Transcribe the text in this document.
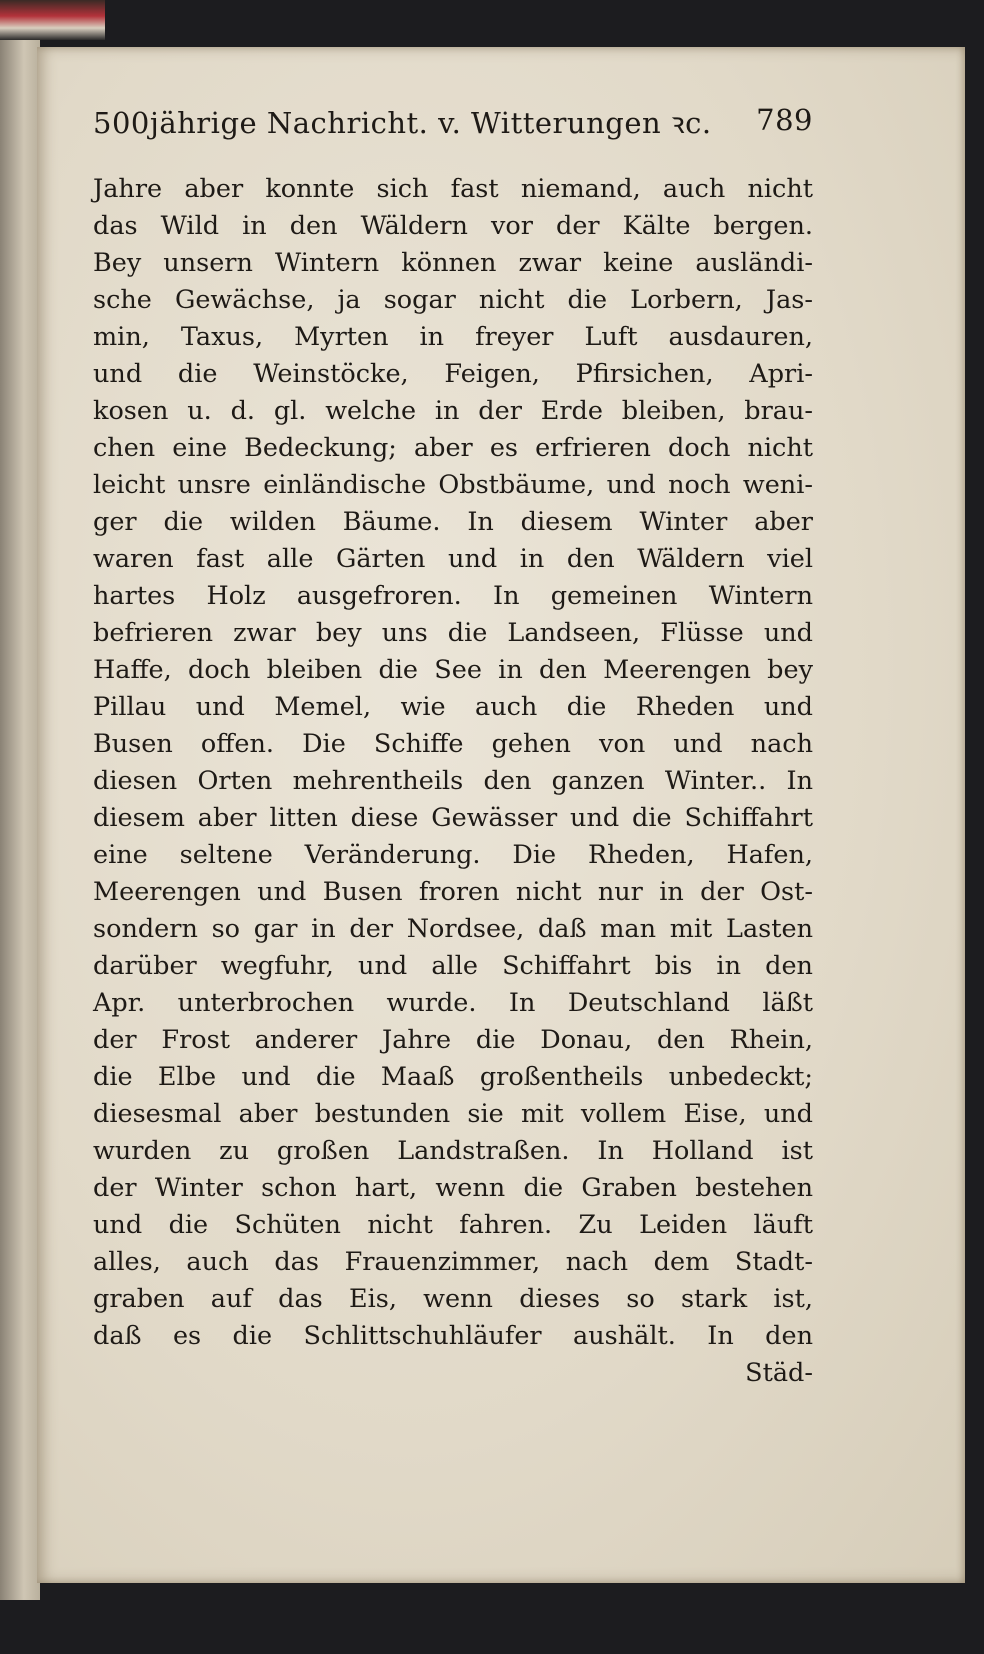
500jährige Nachricht. v. Witterungen ꝛc. 789
Jahre aber konnte sich fast niemand, auch nicht
das Wild in den Wäldern vor der Kälte bergen.
Bey unsern Wintern können zwar keine ausländi-
sche Gewächse, ja sogar nicht die Lorbern, Jas-
min, Taxus, Myrten in freyer Luft ausdauren,
und die Weinstöcke, Feigen, Pfirsichen, Apri-
kosen u. d. gl. welche in der Erde bleiben, brau-
chen eine Bedeckung; aber es erfrieren doch nicht
leicht unsre einländische Obstbäume, und noch weni-
ger die wilden Bäume. In diesem Winter aber
waren fast alle Gärten und in den Wäldern viel
hartes Holz ausgefroren. In gemeinen Wintern
befrieren zwar bey uns die Landseen, Flüsse und
Haffe, doch bleiben die See in den Meerengen bey
Pillau und Memel, wie auch die Rheden und
Busen offen. Die Schiffe gehen von und nach
diesen Orten mehrentheils den ganzen Winter.. In
diesem aber litten diese Gewässer und die Schiffahrt
eine seltene Veränderung. Die Rheden, Hafen,
Meerengen und Busen froren nicht nur in der Ost-
sondern so gar in der Nordsee, daß man mit Lasten
darüber wegfuhr, und alle Schiffahrt bis in den
Apr. unterbrochen wurde. In Deutschland läßt
der Frost anderer Jahre die Donau, den Rhein,
die Elbe und die Maaß großentheils unbedeckt;
diesesmal aber bestunden sie mit vollem Eise, und
wurden zu großen Landstraßen. In Holland ist
der Winter schon hart, wenn die Graben bestehen
und die Schüten nicht fahren. Zu Leiden läuft
alles, auch das Frauenzimmer, nach dem Stadt-
graben auf das Eis, wenn dieses so stark ist,
daß es die Schlittschuhläufer aushält. In den
Städ-
